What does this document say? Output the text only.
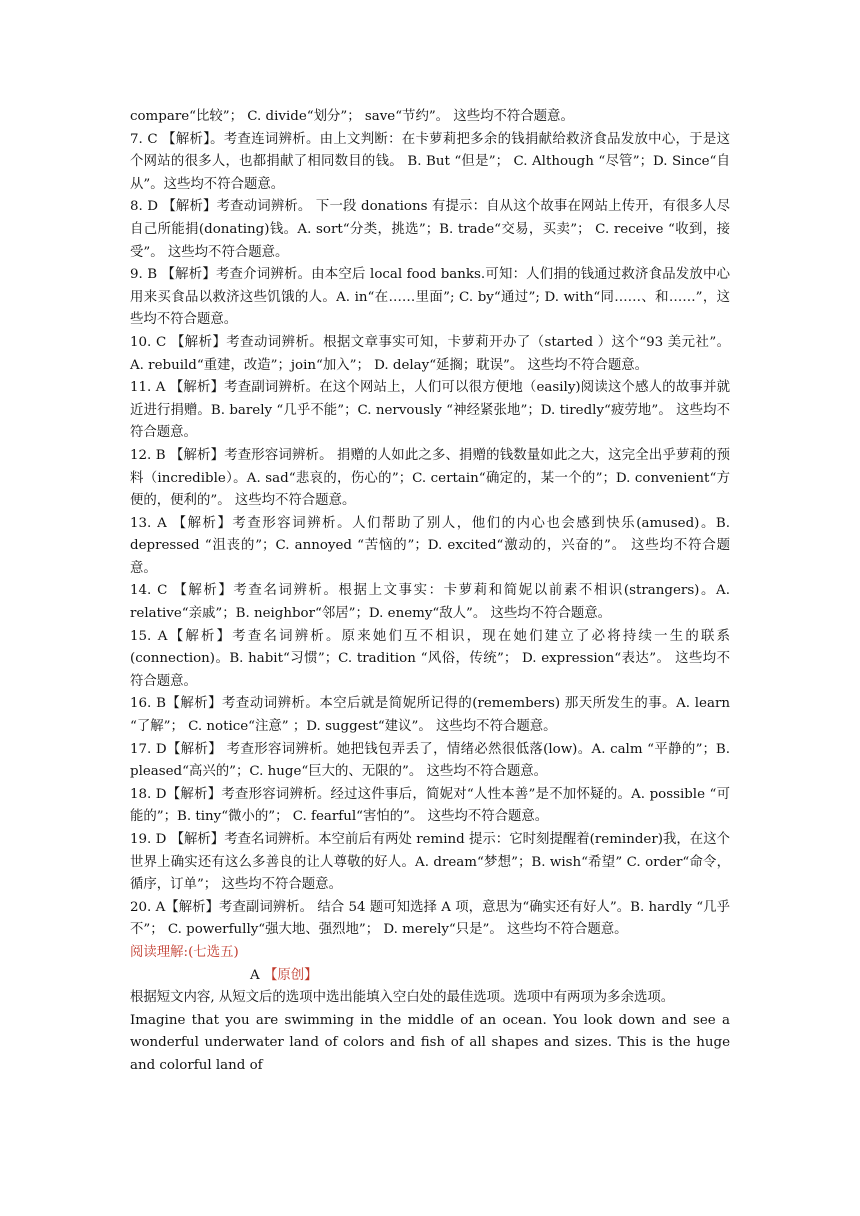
compare“比较”； C. divide“划分”； save“节约”。 这些均不符合题意。

7. C 【解析】。考查连词辨析。由上文判断：在卡萝莉把多余的钱捐献给救济食品发放中心，于是这个网站的很多人，也都捐献了相同数目的钱。 B. But “但是”； C. Although “尽管”；D. Since“自从”。这些均不符合题意。

8. D 【解析】考查动词辨析。 下一段 donations 有提示：自从这个故事在网站上传开，有很多人尽自己所能捐(donating)钱。A. sort“分类，挑选”；B. trade“交易，买卖”； C. receive “收到，接受”。 这些均不符合题意。

9. B 【解析】考查介词辨析。由本空后 local food banks.可知：人们捐的钱通过救济食品发放中心用来买食品以救济这些饥饿的人。A. in“在……里面”; C. by“通过”; D. with“同……、和……”，这些均不符合题意。

10. C 【解析】考查动词辨析。根据文章事实可知，卡萝莉开办了（started ）这个“93 美元社”。 A. rebuild“重建，改造”；join“加入”； D. delay“延搁；耽误”。 这些均不符合题意。

11. A 【解析】考查副词辨析。在这个网站上，人们可以很方便地（easily)阅读这个感人的故事并就近进行捐赠。B. barely “几乎不能”；C. nervously “神经紧张地”；D. tiredly“疲劳地”。 这些均不符合题意。

12. B 【解析】考查形容词辨析。 捐赠的人如此之多、捐赠的钱数量如此之大，这完全出乎萝莉的预料（incredible）。A. sad“悲哀的，伤心的”；C. certain“确定的，某一个的”；D. convenient“方便的，便利的”。 这些均不符合题意。

13. A 【解析】考查形容词辨析。人们帮助了别人，他们的内心也会感到快乐(amused)。B. depressed “沮丧的”；C. annoyed “苦恼的”；D. excited“激动的，兴奋的”。 这些均不符合题意。

14. C 【解析】考查名词辨析。根据上文事实：卡萝莉和简妮以前素不相识(strangers)。A. relative“亲戚”；B. neighbor“邻居”；D. enemy“敌人”。 这些均不符合题意。

15. A【解析】考查名词辨析。原来她们互不相识，现在她们建立了必将持续一生的联系(connection)。B. habit“习惯”；C. tradition “风俗，传统”； D. expression“表达”。 这些均不符合题意。

16. B【解析】考查动词辨析。本空后就是简妮所记得的(remembers) 那天所发生的事。A. learn “了解”； C. notice“注意” ；D. suggest“建议”。 这些均不符合题意。

17. D【解析】 考查形容词辨析。她把钱包弄丢了，情绪必然很低落(low)。A. calm “平静的”；B. pleased“高兴的”；C. huge“巨大的、无限的”。 这些均不符合题意。

18. D【解析】考查形容词辨析。经过这件事后，简妮对“人性本善”是不加怀疑的。A. possible “可能的”；B. tiny“微小的”； C. fearful“害怕的”。 这些均不符合题意。

19. D 【解析】考查名词辨析。本空前后有两处 remind 提示：它时刻提醒着(reminder)我，在这个世界上确实还有这么多善良的让人尊敬的好人。A. dream“梦想”；B. wish“希望” C. order“命令，循序，订单”； 这些均不符合题意。

20. A【解析】考查副词辨析。 结合 54 题可知选择 A 项，意思为“确实还有好人”。B. hardly “几乎不”； C. powerfully“强大地、强烈地”； D. merely“只是”。 这些均不符合题意。

阅读理解:(七选五)

A 【原创】

根据短文内容, 从短文后的选项中选出能填入空白处的最佳选项。选项中有两项为多余选项。

Imagine that you are swimming in the middle of an ocean. You look down and see a wonderful underwater land of colors and fish of all shapes and sizes. This is the huge and colorful land of
